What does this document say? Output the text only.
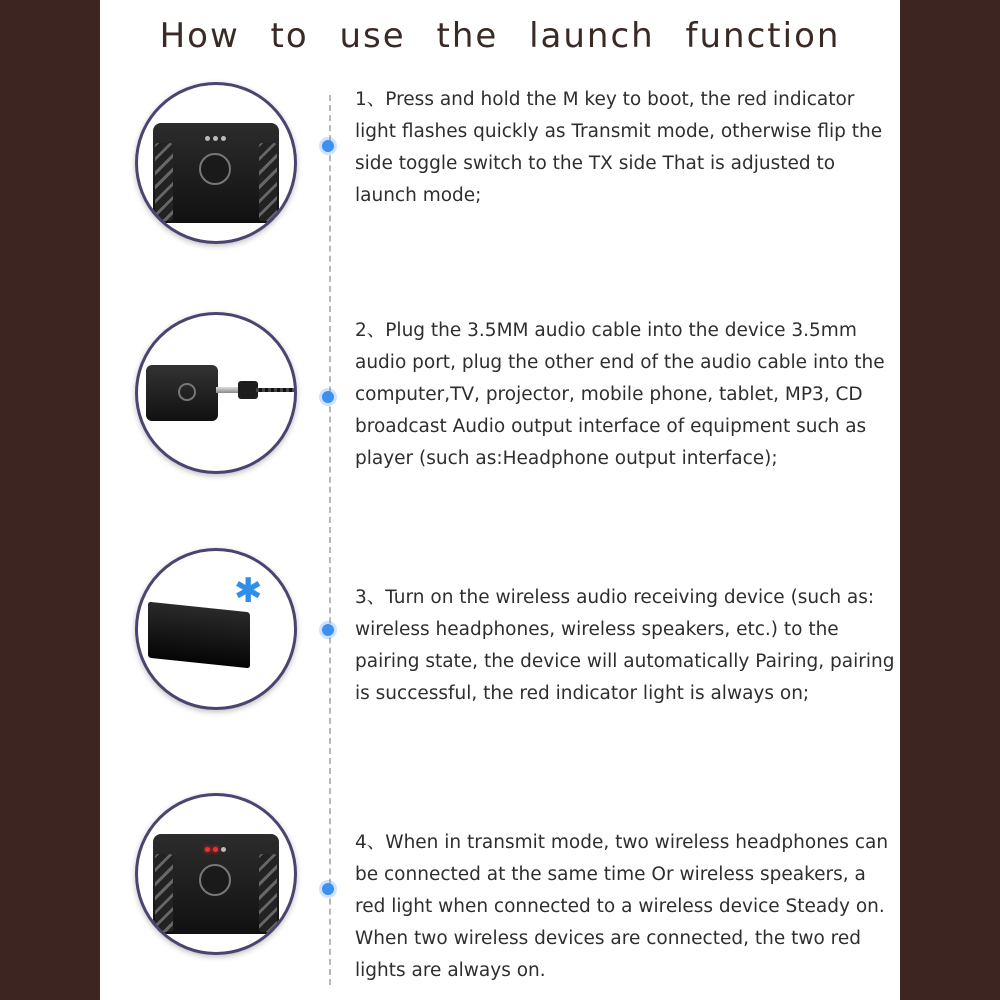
How to use the launch function
1、Press and hold the M key to boot, the red indicator light flashes quickly as Transmit mode, otherwise flip the side toggle switch to the TX side That is adjusted to launch mode;
2、Plug the 3.5MM audio cable into the device 3.5mm audio port, plug the other end of the audio cable into the computer,TV, projector, mobile phone, tablet, MP3, CD broadcast Audio output interface of equipment such as player (such as:Headphone output interface);
✱	3、Turn on the wireless audio receiving device (such as: wireless headphones, wireless speakers, etc.) to the pairing state, the device will automatically Pairing, pairing is successful, the red indicator light is always on;
4、When in transmit mode, two wireless headphones can be connected at the same time Or wireless speakers, a red light when connected to a wireless device Steady on. When two wireless devices are connected, the two red lights are always on.
